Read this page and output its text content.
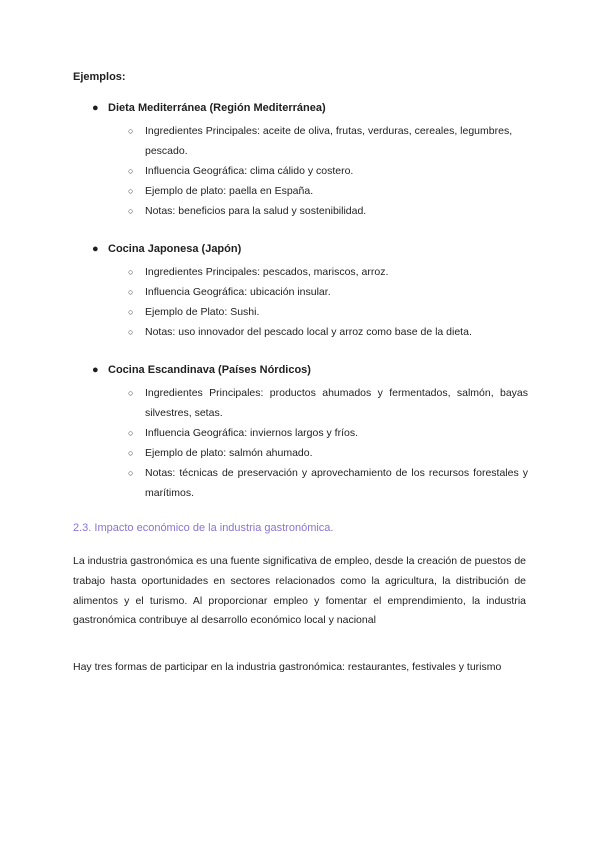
Ejemplos:
● Dieta Mediterránea (Región Mediterránea)
○ Ingredientes Principales: aceite de oliva, frutas, verduras, cereales, legumbres, pescado.
○ Influencia Geográfica: clima cálido y costero.
○ Ejemplo de plato: paella en España.
○ Notas: beneficios para la salud y sostenibilidad.
● Cocina Japonesa (Japón)
○ Ingredientes Principales: pescados, mariscos, arroz.
○ Influencia Geográfica: ubicación insular.
○ Ejemplo de Plato: Sushi.
○ Notas: uso innovador del pescado local y arroz como base de la dieta.
● Cocina Escandinava (Países Nórdicos)
○ Ingredientes Principales: productos ahumados y fermentados, salmón, bayas silvestres, setas.
○ Influencia Geográfica: inviernos largos y fríos.
○ Ejemplo de plato: salmón ahumado.
○ Notas: técnicas de preservación y aprovechamiento de los recursos forestales y marítimos.
2.3. Impacto económico de la industria gastronómica.
La industria gastronómica es una fuente significativa de empleo, desde la creación de puestos de trabajo hasta oportunidades en sectores relacionados como la agricultura, la distribución de alimentos y el turismo. Al proporcionar empleo y fomentar el emprendimiento, la industria gastronómica contribuye al desarrollo económico local y nacional
Hay tres formas de participar en la industria gastronómica: restaurantes, festivales y turismo
